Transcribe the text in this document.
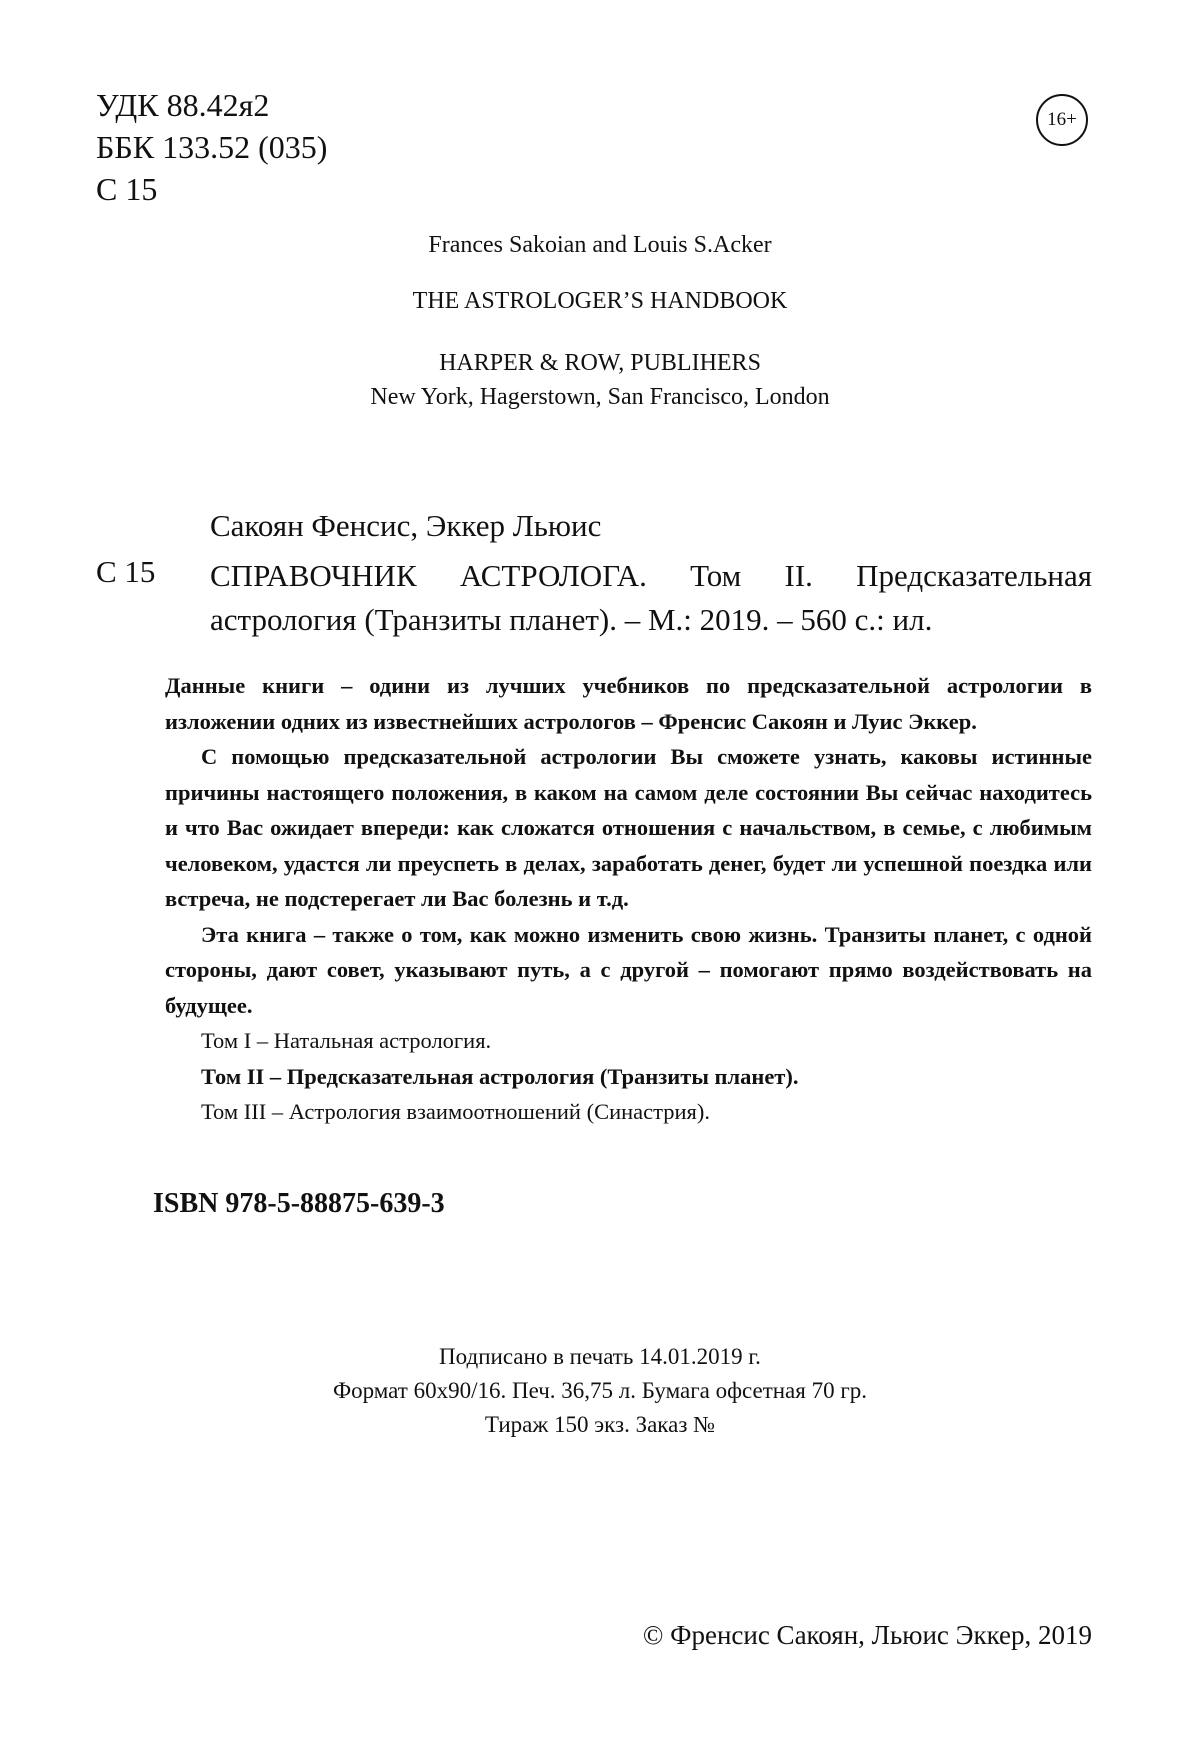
УДК 88.42я2
ББК 133.52 (035)
С 15
16+
Frances Sakoian and Louis S.Acker
THE ASTROLOGER’S HANDBOOK
HARPER & ROW, PUBLIHERS
New York, Hagerstown, San Francisco, London
Сакоян Фенсис, Эккер Льюис
С 15 СПРАВОЧНИК АСТРОЛОГА. Том II. Предсказательная астрология (Транзиты планет). – М.: 2019. – 560 с.: ил.

Данные книги – одини из лучших учебников по предсказательной астрологии в изложении одних из известнейших астрологов – Френсис Сакоян и Луис Эккер.

С помощью предсказательной астрологии Вы сможете узнать, каковы истинные причины настоящего положения, в каком на самом деле состоянии Вы сейчас находитесь и что Вас ожидает впереди: как сложатся отношения с начальством, в семье, с любимым человеком, удастся ли преуспеть в делах, заработать денег, будет ли успешной поездка или встреча, не подстерегает ли Вас болезнь и т.д.

Эта книга – также о том, как можно изменить свою жизнь. Транзиты планет, с одной стороны, дают совет, указывают путь, а с другой – помогают прямо воздействовать на будущее.

Том I – Натальная астрология.

Том II – Предсказательная астрология (Транзиты планет).

Том III – Астрология взаимоотношений (Синастрия).

ISBN 978-5-88875-639-3
Подписано в печать 14.01.2019 г.
Формат 60х90/16. Печ. 36,75 л. Бумага офсетная 70 гр.
Тираж 150 экз. Заказ №
© Френсис Сакоян, Льюис Эккер, 2019
